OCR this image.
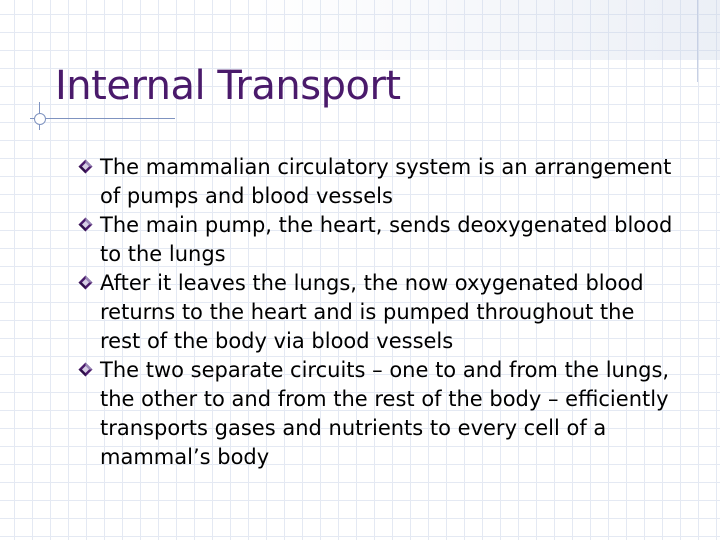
Internal Transport
The mammalian circulatory system is an arrangement of pumps and blood vessels
The main pump, the heart, sends deoxygenated blood to the lungs
After it leaves the lungs, the now oxygenated blood returns to the heart and is pumped throughout the rest of the body via blood vessels
The two separate circuits – one to and from the lungs, the other to and from the rest of the body – efficiently transports gases and nutrients to every cell of a mammal’s body
